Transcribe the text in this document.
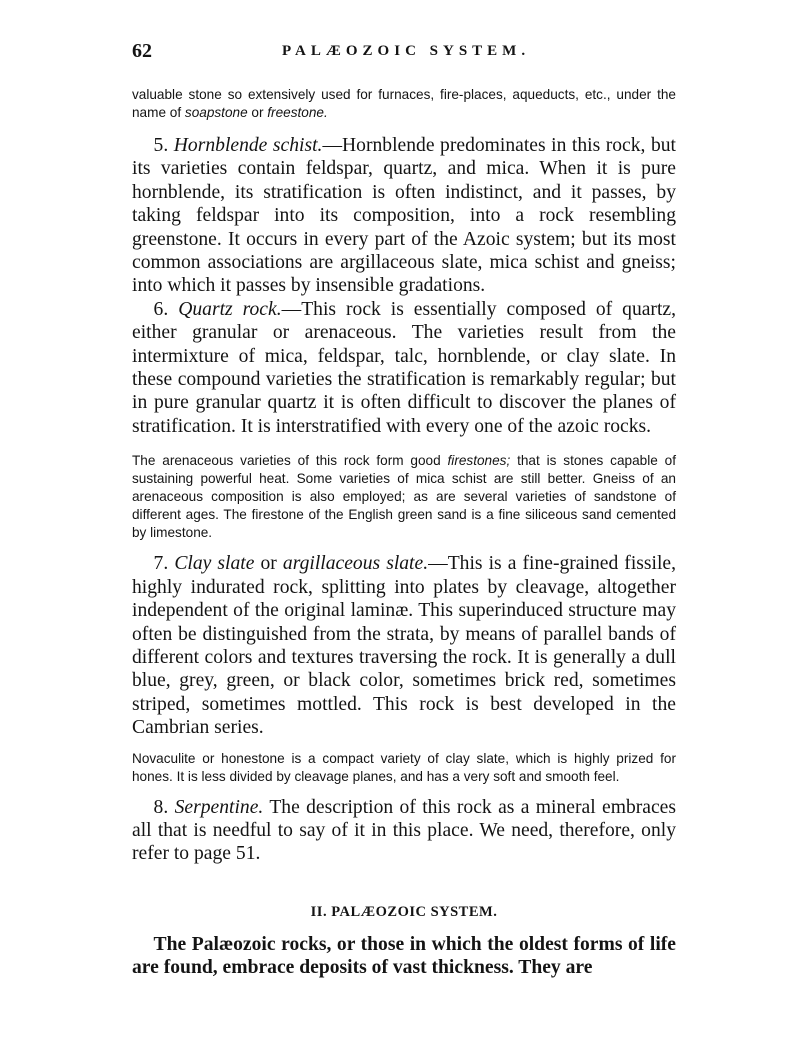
62	PALÆOZOIC SYSTEM.

valuable stone so extensively used for furnaces, fire-places, aqueducts, etc., under the name of soapstone or freestone.

5. Hornblende schist.—Hornblende predominates in this rock, but its varieties contain feldspar, quartz, and mica. When it is pure hornblende, its stratification is often indistinct, and it passes, by taking feldspar into its composition, into a rock resembling greenstone. It occurs in every part of the Azoic system; but its most common associations are argillaceous slate, mica schist and gneiss; into which it passes by insensible gradations.

6. Quartz rock.—This rock is essentially composed of quartz, either granular or arenaceous. The varieties result from the intermixture of mica, feldspar, talc, hornblende, or clay slate. In these compound varieties the stratification is remarkably regular; but in pure granular quartz it is often difficult to discover the planes of stratification. It is interstratified with every one of the azoic rocks.

The arenaceous varieties of this rock form good firestones; that is stones capable of sustaining powerful heat. Some varieties of mica schist are still better. Gneiss of an arenaceous composition is also employed; as are several varieties of sandstone of different ages. The firestone of the English green sand is a fine siliceous sand cemented by limestone.

7. Clay slate or argillaceous slate.—This is a fine-grained fissile, highly indurated rock, splitting into plates by cleavage, altogether independent of the original laminæ. This superinduced structure may often be distinguished from the strata, by means of parallel bands of different colors and textures traversing the rock. It is generally a dull blue, grey, green, or black color, sometimes brick red, sometimes striped, sometimes mottled. This rock is best developed in the Cambrian series.

Novaculite or honestone is a compact variety of clay slate, which is highly prized for hones. It is less divided by cleavage planes, and has a very soft and smooth feel.

8. Serpentine. The description of this rock as a mineral embraces all that is needful to say of it in this place. We need, therefore, only refer to page 51.

II. PALÆOZOIC SYSTEM.

The Palæozoic rocks, or those in which the oldest forms of life are found, embrace deposits of vast thickness. They are
